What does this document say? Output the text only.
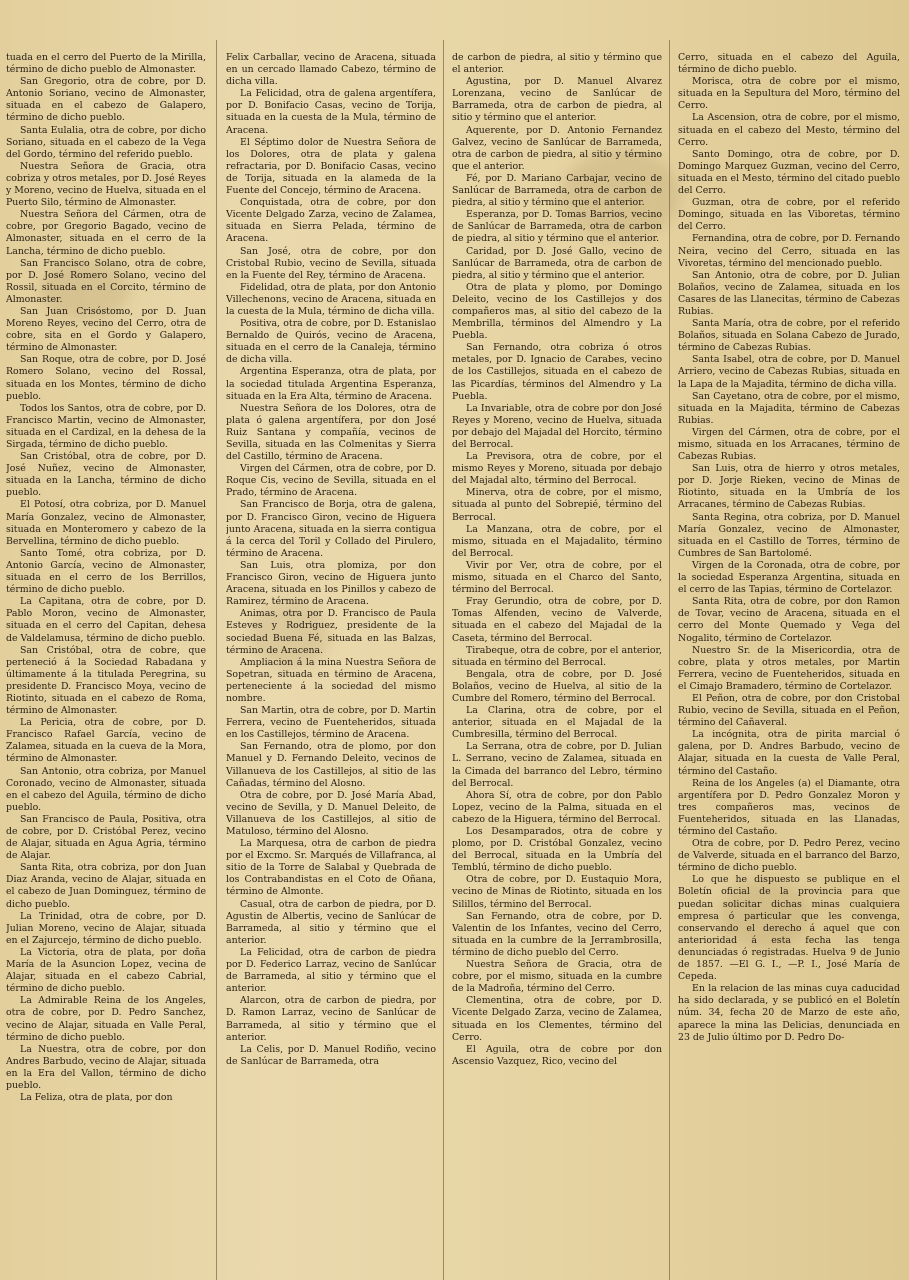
tuada en el cerro del Puerto de la Mirilla, término de dicho pueblo de Almonaster.

San Gregorio, otra de cobre, por D. Antonio Soriano, vecino de Almonaster, situada en el cabezo de Galapero, término de dicho pueblo.

Santa Eulalia, otra de cobre, por dicho Soriano, situada en el cabezo de la Vega del Gordo, término del referido pueblo.

Nuestra Señora de Gracia, otra cobriza y otros metales, por D. José Reyes y Moreno, vecino de Huelva, situada en el Puerto Silo, término de Almonaster.

Nuestra Señora del Cármen, otra de cobre, por Gregorio Bagado, vecino de Almonaster, situada en el cerro de la Lancha, término de dicho pueblo.

San Francisco Solano, otra de cobre, por D. José Romero Solano, vecino del Rossil, situada en el Corcito, término de Almonaster.

San Juan Crisóstomo, por D. Juan Moreno Reyes, vecino del Cerro, otra de cobre, sita en el Gordo y Galapero, término de Almonaster.

San Roque, otra de cobre, por D. José Romero Solano, vecino del Rossal, situada en los Montes, término de dicho pueblo.

Todos los Santos, otra de cobre, por D. Francisco Martin, vecino de Almonaster, situada en el Cardizal, en la dehesa de la Sirgada, término de dicho pueblo.

San Cristóbal, otra de cobre, por D. José Nuñez, vecino de Almonaster, situada en la Lancha, término de dicho pueblo.

El Potosí, otra cobriza, por D. Manuel María Gonzalez, vecino de Almonaster, situada en Monteromero y cabezo de la Bervellina, término de dicho pueblo.

Santo Tomé, otra cobriza, por D. Antonio García, vecino de Almonaster, situada en el cerro de los Berrillos, término de dicho pueblo.

La Capitana, otra de cobre, por D. Pablo Moron, vecino de Almonaster, situada en el cerro del Capitan, dehesa de Valdelamusa, término de dicho pueblo.

San Cristóbal, otra de cobre, que perteneció á la Sociedad Rabadana y últimamente á la titulada Peregrina, su presidente D. Francisco Moya, vecino de Riotinto, situada en el cabezo de Roma, término de Almonaster.

La Pericia, otra de cobre, por D. Francisco Rafael García, vecino de Zalamea, situada en la cueva de la Mora, término de Almonaster.

San Antonio, otra cobriza, por Manuel Coronado, vecino de Almonaster, situada en el cabezo del Aguila, término de dicho pueblo.

San Francisco de Paula, Positiva, otra de cobre, por D. Cristóbal Perez, vecino de Alajar, situada en Agua Agria, término de Alajar.

Santa Rita, otra cobriza, por don Juan Diaz Aranda, vecino de Alajar, situada en el cabezo de Juan Dominguez, término de dicho pueblo.

La Trinidad, otra de cobre, por D. Julian Moreno, vecino de Alajar, situada en el Zajurcejo, término de dicho pueblo.

La Victoria, otra de plata, por doña María de la Asuncion Lopez, vecina de Alajar, situada en el cabezo Cabrial, término de dicho pueblo.

La Admirable Reina de los Angeles, otra de cobre, por D. Pedro Sanchez, vecino de Alajar, situada en Valle Peral, término de dicho pueblo.

La Nuestra, otra de cobre, por don Andres Barbudo, vecino de Alajar, situada en la Era del Vallon, término de dicho pueblo.

La Feliza, otra de plata, por don

Felix Carballar, vecino de Aracena, situada en un cercado llamado Cabezo, término de dicha villa.

La Felicidad, otra de galena argentífera, por D. Bonifacio Casas, vecino de Torija, situada en la cuesta de la Mula, término de Aracena.

El Séptimo dolor de Nuestra Señora de los Dolores, otra de plata y galena refractaria, por D. Bonifacio Casas, vecino de Torija, situada en la alameda de la Fuente del Concejo, término de Aracena.

Conquistada, otra de cobre, por don Vicente Delgado Zarza, vecino de Zalamea, situada en Sierra Pelada, término de Aracena.

San José, otra de cobre, por don Cristobal Rubio, vecino de Sevilla, situada en la Fuente del Rey, término de Aracena.

Fidelidad, otra de plata, por don Antonio Villechenons, vecino de Aracena, situada en la cuesta de la Mula, término de dicha villa.

Positiva, otra de cobre, por D. Estanislao Bernaldo de Quirós, vecino de Aracena, situada en el cerro de la Canaleja, término de dicha villa.

Argentina Esperanza, otra de plata, por la sociedad titulada Argentina Esperanza, situada en la Era Alta, término de Aracena.

Nuestra Señora de los Dolores, otra de plata ó galena argentífera, por don José Ruiz Santana y compañía, vecinos de Sevilla, situada en las Colmenitas y Sierra del Castillo, término de Aracena.

Virgen del Cármen, otra de cobre, por D. Roque Cis, vecino de Sevilla, situada en el Prado, término de Aracena.

San Francisco de Borja, otra de galena, por D. Francisco Giron, vecino de Higuera junto Aracena, situada en la sierra contigua á la cerca del Toril y Collado del Pirulero, término de Aracena.

San Luis, otra plomiza, por don Francisco Giron, vecino de Higuera junto Aracena, situada en los Pinillos y cabezo de Ramirez, término de Aracena.

Animas, otra por D. Francisco de Paula Esteves y Rodriguez, presidente de la sociedad Buena Fé, situada en las Balzas, término de Aracena.

Ampliacion á la mina Nuestra Señora de Sopetran, situada en término de Aracena, perteneciente á la sociedad del mismo nombre.

San Martin, otra de cobre, por D. Martin Ferrera, vecino de Fuenteheridos, situada en los Castillejos, término de Aracena.

San Fernando, otra de plomo, por don Manuel y D. Fernando Deleito, vecinos de Villanueva de los Castillejos, al sitio de las Cañadas, término del Alosno.

Otra de cobre, por D. José María Abad, vecino de Sevilla, y D. Manuel Deleito, de Villanueva de los Castillejos, al sitio de Matuloso, término del Alosno.

La Marquesa, otra de carbon de piedra por el Excmo. Sr. Marqués de Villafranca, al sitio de la Torre de Salabal y Quebrada de los Contrabandistas en el Coto de Oñana, término de Almonte.

Casual, otra de carbon de piedra, por D. Agustin de Albertis, vecino de Sanlúcar de Barrameda, al sitio y término que el anterior.

La Felicidad, otra de carbon de piedra por D. Federico Larraz, vecino de Sanlúcar de Barrameda, al sitio y término que el anterior.

Alarcon, otra de carbon de piedra, por D. Ramon Larraz, vecino de Sanlúcar de Barrameda, al sitio y término que el anterior.

La Celis, por D. Manuel Rodiño, vecino de Sanlúcar de Barrameda, otra

de carbon de piedra, al sitio y término que el anterior.

Agustina, por D. Manuel Alvarez Lorenzana, vecino de Sanlúcar de Barrameda, otra de carbon de piedra, al sitio y término que el anterior.

Aquerente, por D. Antonio Fernandez Galvez, vecino de Sanlúcar de Barrameda, otra de carbon de piedra, al sitio y término que el anterior.

Fé, por D. Mariano Carbajar, vecino de Sanlúcar de Barrameda, otra de carbon de piedra, al sitio y término que el anterior.

Esperanza, por D. Tomas Barrios, vecino de Sanlúcar de Barrameda, otra de carbon de piedra, al sitio y término que el anterior.

Caridad, por D. José Gallo, vecino de Sanlúcar de Barrameda, otra de carbon de piedra, al sitio y término que el anterior.

Otra de plata y plomo, por Domingo Deleito, vecino de los Castillejos y dos compañeros mas, al sitio del cabezo de la Membrilla, términos del Almendro y La Puebla.

San Fernando, otra cobriza ó otros metales, por D. Ignacio de Carabes, vecino de los Castillejos, situada en el cabezo de las Picardías, términos del Almendro y La Puebla.

La Invariable, otra de cobre por don José Reyes y Moreno, vecino de Huelva, situada por debajo del Majadal del Horcito, término del Berrocal.

La Previsora, otra de cobre, por el mismo Reyes y Moreno, situada por debajo del Majadal alto, término del Berrocal.

Minerva, otra de cobre, por el mismo, situada al punto del Sobrepié, término del Berrocal.

La Manzana, otra de cobre, por el mismo, situada en el Majadalito, término del Berrocal.

Vivir por Ver, otra de cobre, por el mismo, situada en el Charco del Santo, término del Berrocal.

Fray Gerundio, otra de cobre, por D. Tomas Alfenden, vecino de Valverde, situada en el cabezo del Majadal de la Caseta, término del Berrocal.

Tirabeque, otra de cobre, por el anterior, situada en término del Berrocal.

Bengala, otra de cobre, por D. José Bolaños, vecino de Huelva, al sitio de la Cumbre del Romero, término del Berrocal.

La Clarina, otra de cobre, por el anterior, situada en el Majadal de la Cumbresilla, término del Berrocal.

La Serrana, otra de cobre, por D. Julian L. Serrano, vecino de Zalamea, situada en la Cimada del barranco del Lebro, término del Berrocal.

Ahora Sí, otra de cobre, por don Pablo Lopez, vecino de la Palma, situada en el cabezo de la Higuera, término del Berrocal.

Los Desamparados, otra de cobre y plomo, por D. Cristóbal Gonzalez, vecino del Berrocal, situada en la Umbría del Temblú, término de dicho pueblo.

Otra de cobre, por D. Eustaquio Mora, vecino de Minas de Riotinto, situada en los Silillos, término del Berrocal.

San Fernando, otra de cobre, por D. Valentin de los Infantes, vecino del Cerro, situada en la cumbre de la Jerrambrosilla, término de dicho pueblo del Cerro.

Nuestra Señora de Gracia, otra de cobre, por el mismo, situada en la cumbre de la Madroña, término del Cerro.

Clementina, otra de cobre, por D. Vicente Delgado Zarza, vecino de Zalamea, situada en los Clementes, término del Cerro.

El Aguila, otra de cobre por don Ascensio Vazquez, Rico, vecino del

Cerro, situada en el cabezo del Aguila, término de dicho pueblo.

Morisca, otra de cobre por el mismo, situada en la Sepultura del Moro, término del Cerro.

La Ascension, otra de cobre, por el mismo, situada en el cabezo del Mesto, término del Cerro.

Santo Domingo, otra de cobre, por D. Domingo Marquez Guzman, vecino del Cerro, situada en el Mesto, término del citado pueblo del Cerro.

Guzman, otra de cobre, por el referido Domingo, situada en las Viboretas, término del Cerro.

Fernandina, otra de cobre, por D. Fernando Neira, vecino del Cerro, situada en las Vivoretas, término del mencionado pueblo.

San Antonio, otra de cobre, por D. Julian Bolaños, vecino de Zalamea, situada en los Casares de las Llanecitas, término de Cabezas Rubias.

Santa María, otra de cobre, por el referido Bolaños, situada en Solana Cabezo de Jurado, término de Cabezas Rubias.

Santa Isabel, otra de cobre, por D. Manuel Arriero, vecino de Cabezas Rubias, situada en la Lapa de la Majadita, término de dicha villa.

San Cayetano, otra de cobre, por el mismo, situada en la Majadita, término de Cabezas Rubias.

Virgen del Cármen, otra de cobre, por el mismo, situada en los Arracanes, término de Cabezas Rubias.

San Luis, otra de hierro y otros metales, por D. Jorje Rieken, vecino de Minas de Riotinto, situada en la Umbría de los Arracanes, término de Cabezas Rubias.

Santa Regina, otra cobriza, por D. Manuel María Gonzalez, vecino de Almonaster, situada en el Castillo de Torres, término de Cumbres de San Bartolomé.

Virgen de la Coronada, otra de cobre, por la sociedad Esperanza Argentina, situada en el cerro de las Tapias, término de Cortelazor.

Santa Rita, otra de cobre, por don Ramon de Tovar, vecino de Aracena, situada en el cerro del Monte Quemado y Vega del Nogalito, término de Cortelazor.

Nuestro Sr. de la Misericordia, otra de cobre, plata y otros metales, por Martin Ferrera, vecino de Fuenteheridos, situada en el Cimajo Bramadero, término de Cortelazor.

El Peñon, otra de cobre, por don Cristobal Rubio, vecino de Sevilla, situada en el Peñon, término del Cañaveral.

La incógnita, otra de pirita marcial ó galena, por D. Andres Barbudo, vecino de Alajar, situada en la cuesta de Valle Peral, término del Castaño.

Reina de los Angeles (a) el Diamante, otra argentífera por D. Pedro Gonzalez Moron y tres compañeros mas, vecinos de Fuenteheridos, situada en las Llanadas, término del Castaño.

Otra de cobre, por D. Pedro Perez, vecino de Valverde, situada en el barranco del Barzo, término de dicho pueblo.

Lo que he dispuesto se publique en el Boletín oficial de la provincia para que puedan solicitar dichas minas cualquiera empresa ó particular que les convenga, conservando el derecho á aquel que con anterioridad á esta fecha las tenga denunciadas ó registradas. Huelva 9 de Junio de 1857. —El G. I., —P. I., José María de Cepeda.

En la relacion de las minas cuya caducidad ha sido declarada, y se publicó en el Boletín núm. 34, fecha 20 de Marzo de este año, aparece la mina las Delicias, denunciada en 23 de Julio último por D. Pedro Do-
